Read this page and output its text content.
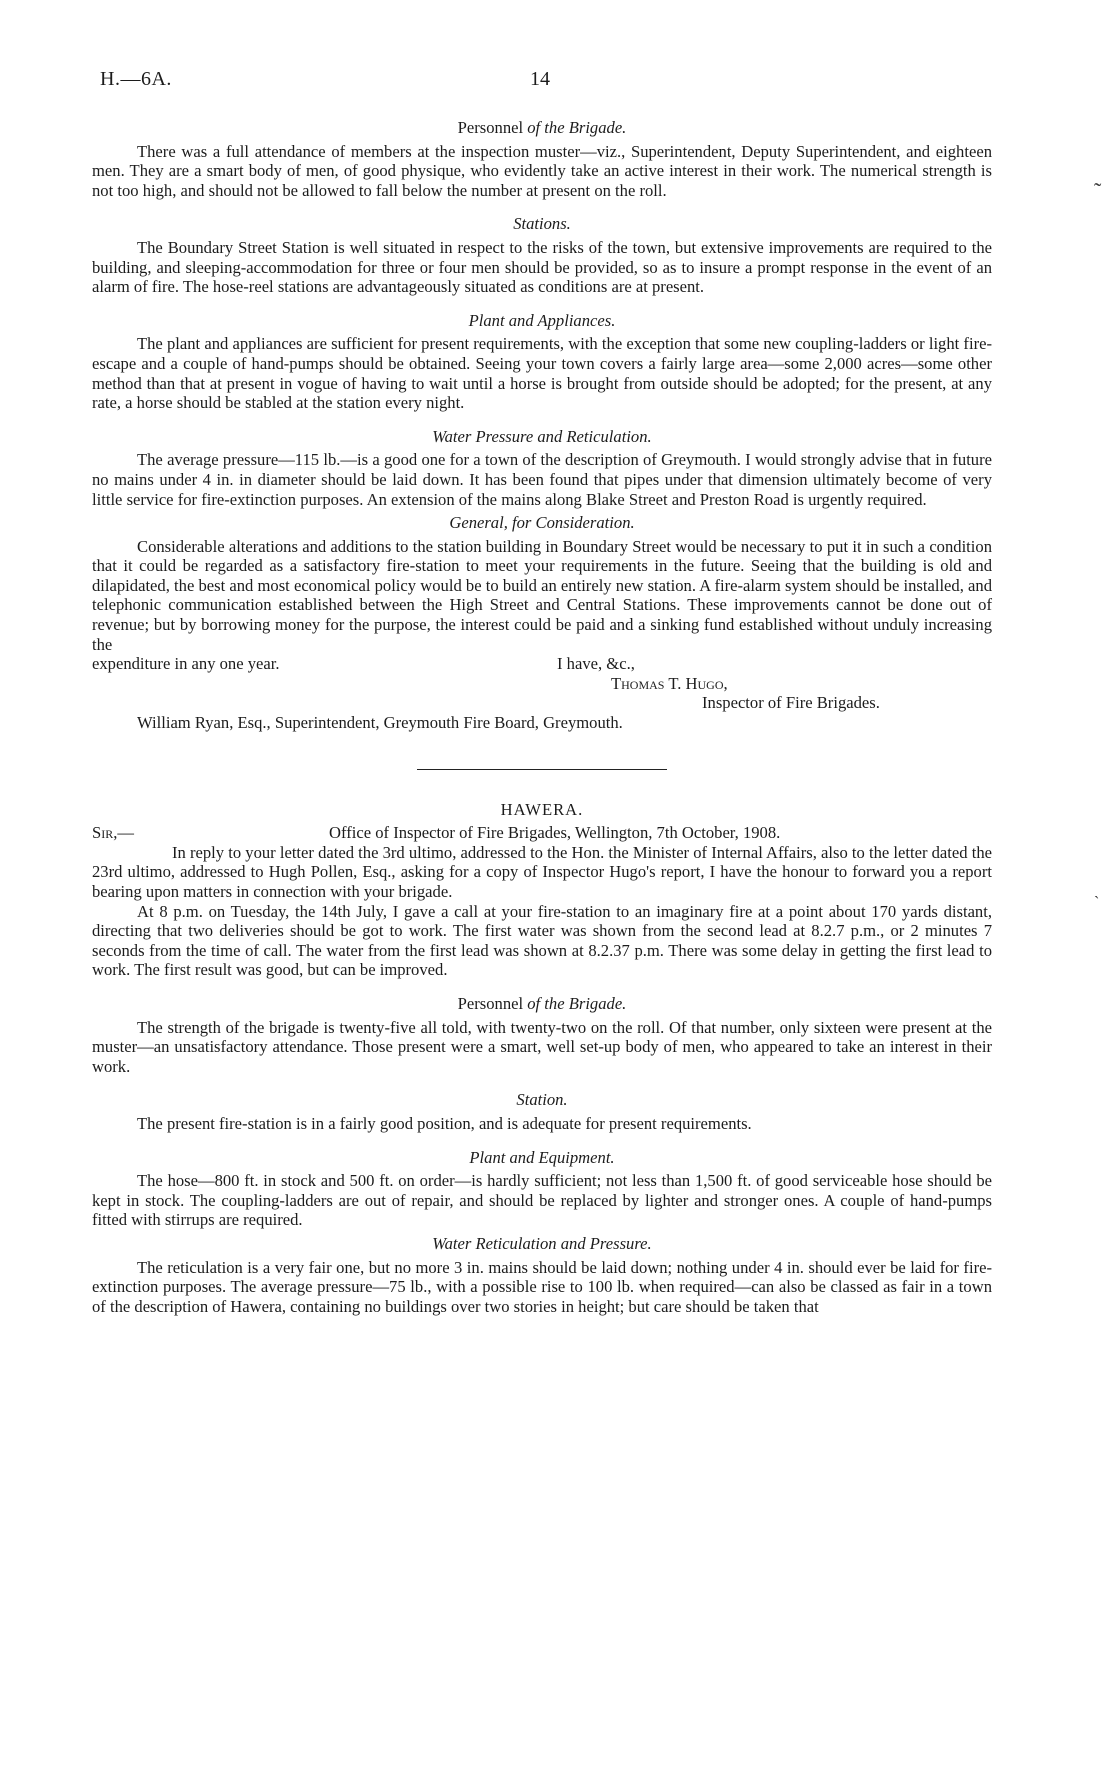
H.—6A.	14
Personnel of the Brigade.

There was a full attendance of members at the inspection muster—viz., Superintendent, Deputy Superintendent, and eighteen men. They are a smart body of men, of good physique, who evidently take an active interest in their work. The numerical strength is not too high, and should not be allowed to fall below the number at present on the roll.

Stations.

The Boundary Street Station is well situated in respect to the risks of the town, but extensive improvements are required to the building, and sleeping-accommodation for three or four men should be provided, so as to insure a prompt response in the event of an alarm of fire. The hose-reel stations are advantageously situated as conditions are at present.

Plant and Appliances.

The plant and appliances are sufficient for present requirements, with the exception that some new coupling-ladders or light fire-escape and a couple of hand-pumps should be obtained. Seeing your town covers a fairly large area—some 2,000 acres—some other method than that at present in vogue of having to wait until a horse is brought from outside should be adopted; for the present, at any rate, a horse should be stabled at the station every night.

Water Pressure and Reticulation.

The average pressure—115 lb.—is a good one for a town of the description of Greymouth. I would strongly advise that in future no mains under 4 in. in diameter should be laid down. It has been found that pipes under that dimension ultimately become of very little service for fire-extinction purposes. An extension of the mains along Blake Street and Preston Road is urgently required.

General, for Consideration.

Considerable alterations and additions to the station building in Boundary Street would be necessary to put it in such a condition that it could be regarded as a satisfactory fire-station to meet your requirements in the future. Seeing that the building is old and dilapidated, the best and most economical policy would be to build an entirely new station. A fire-alarm system should be installed, and telephonic communication established between the High Street and Central Stations. These improvements cannot be done out of revenue; but by borrowing money for the purpose, the interest could be paid and a sinking fund established without unduly increasing the

expenditure in any one year.	I have, &c.,
Thomas T. Hugo,
Inspector of Fire Brigades.
William Ryan, Esq., Superintendent, Greymouth Fire Board, Greymouth.
HAWERA.
Sir,—	Office of Inspector of Fire Brigades, Wellington, 7th October, 1908.

In reply to your letter dated the 3rd ultimo, addressed to the Hon. the Minister of Internal Affairs, also to the letter dated the 23rd ultimo, addressed to Hugh Pollen, Esq., asking for a copy of Inspector Hugo's report, I have the honour to forward you a report bearing upon matters in connection with your brigade.

At 8 p.m. on Tuesday, the 14th July, I gave a call at your fire-station to an imaginary fire at a point about 170 yards distant, directing that two deliveries should be got to work. The first water was shown from the second lead at 8.2.7 p.m., or 2 minutes 7 seconds from the time of call. The water from the first lead was shown at 8.2.37 p.m. There was some delay in getting the first lead to work. The first result was good, but can be improved.

Personnel of the Brigade.

The strength of the brigade is twenty-five all told, with twenty-two on the roll. Of that number, only sixteen were present at the muster—an unsatisfactory attendance. Those present were a smart, well set-up body of men, who appeared to take an interest in their work.

Station.

The present fire-station is in a fairly good position, and is adequate for present requirements.

Plant and Equipment.

The hose—800 ft. in stock and 500 ft. on order—is hardly sufficient; not less than 1,500 ft. of good serviceable hose should be kept in stock. The coupling-ladders are out of repair, and should be replaced by lighter and stronger ones. A couple of hand-pumps fitted with stirrups are required.

Water Reticulation and Pressure.

The reticulation is a very fair one, but no more 3 in. mains should be laid down; nothing under 4 in. should ever be laid for fire-extinction purposes. The average pressure—75 lb., with a possible rise to 100 lb. when required—can also be classed as fair in a town of the description of Hawera, containing no buildings over two stories in height; but care should be taken that

˜
ˎ
